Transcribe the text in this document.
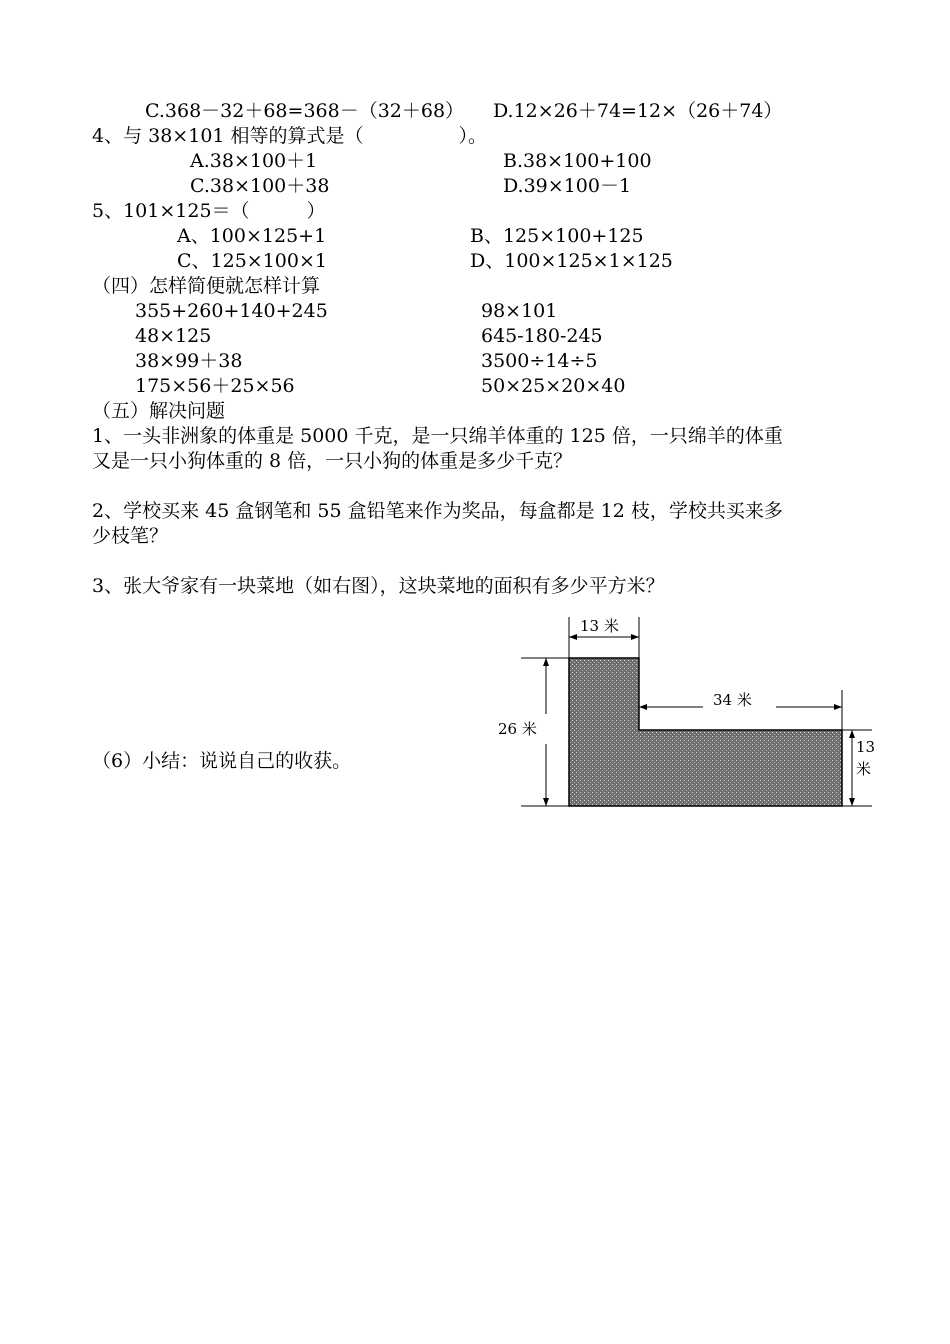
C.368－32＋68=368－（32＋68） D.12×26＋74=12×（26＋74）
4、与 38×101 相等的算式是（　　　　　）。
A.38×100＋1	B.38×100+100
C.38×100＋38	D.39×100－1
5、101×125＝（　　　）
A、100×125+1	B、125×100+125
C、125×100×1	D、100×125×1×125
（四）怎样简便就怎样计算
355+260+140+245	98×101
48×125	645-180-245
38×99＋38	3500÷14÷5
175×56＋25×56	50×25×20×40
（五）解决问题
1、一头非洲象的体重是 5000 千克，是一只绵羊体重的 125 倍，一只绵羊的体重
又是一只小狗体重的 8 倍，一只小狗的体重是多少千克？
2、学校买来 45 盒钢笔和 55 盒铅笔来作为奖品，每盒都是 12 枝，学校共买来多
少枝笔？
3、张大爷家有一块菜地（如右图），这块菜地的面积有多少平方米？
（6）小结：说说自己的收获。
13 米
34 米
26 米
13
米
